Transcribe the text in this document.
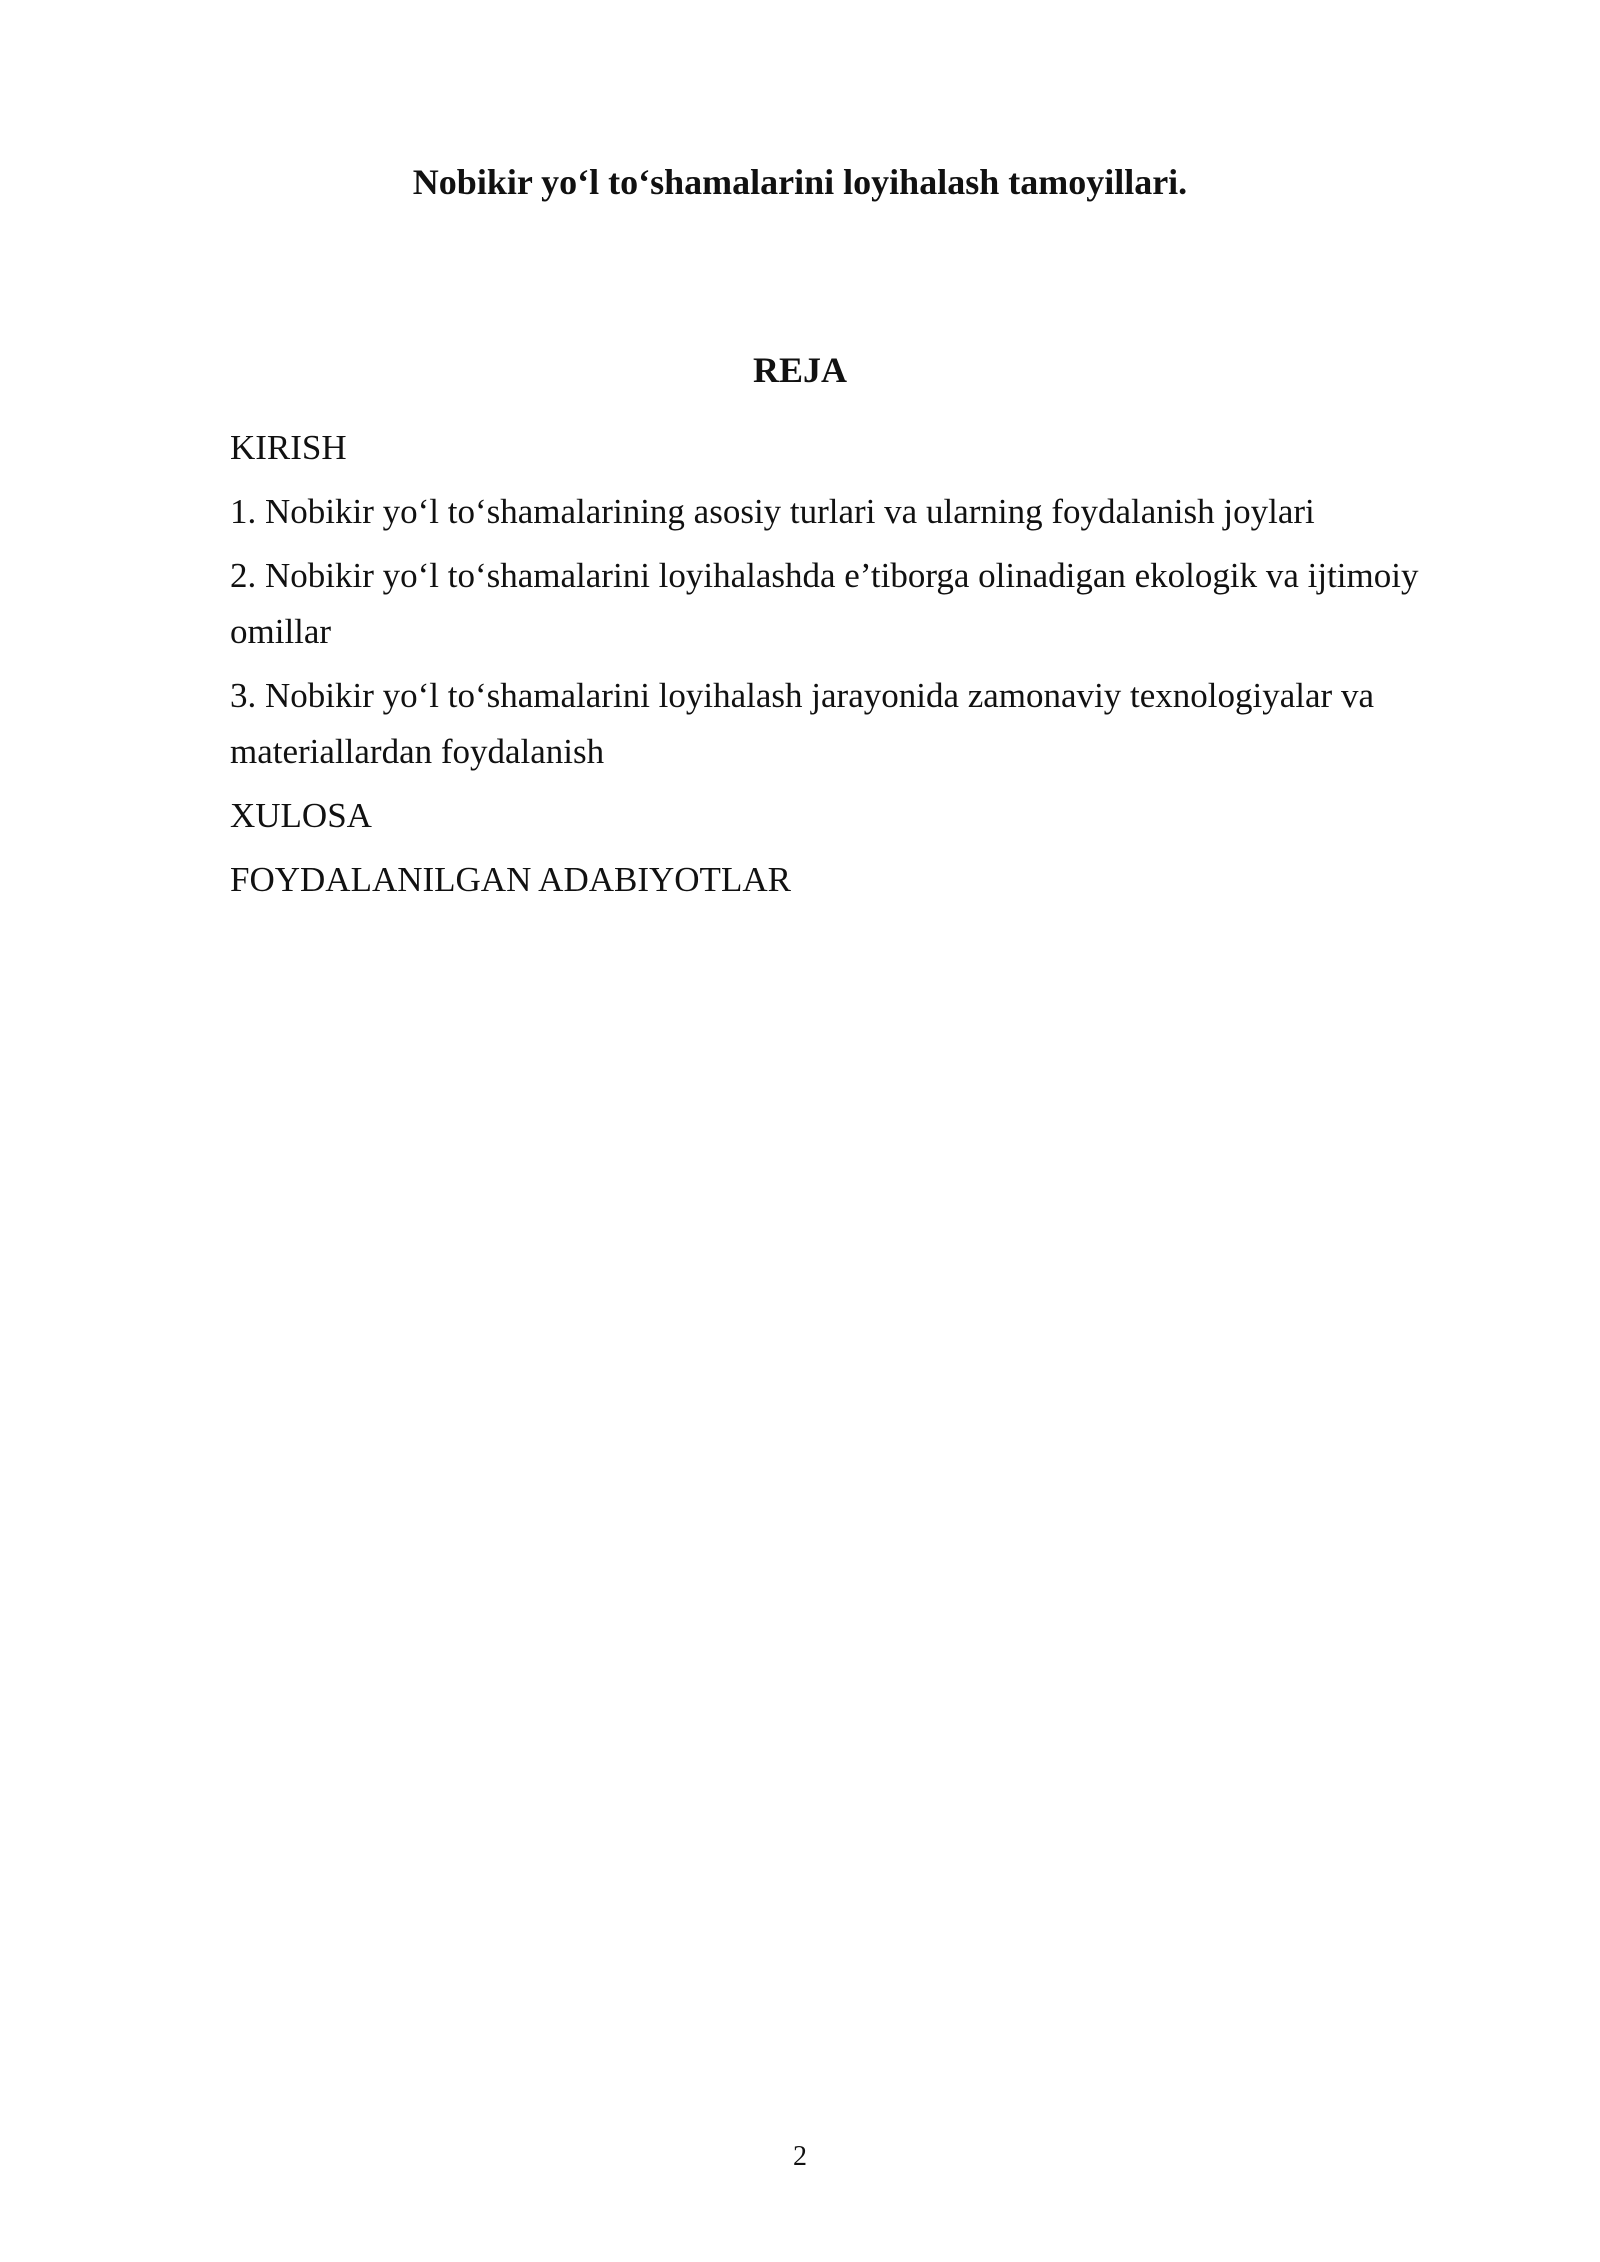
Nobikir yo‘l to‘shamalarini loyihalash tamoyillari.
REJA
KIRISH
1. Nobikir yo‘l to‘shamalarining asosiy turlari va ularning foydalanish joylari
2. Nobikir yo‘l to‘shamalarini loyihalashda e’tiborga olinadigan ekologik va ijtimoiy omillar
3. Nobikir yo‘l to‘shamalarini loyihalash jarayonida zamonaviy texnologiyalar va materiallardan foydalanish
XULOSA
FOYDALANILGAN ADABIYOTLAR
2
